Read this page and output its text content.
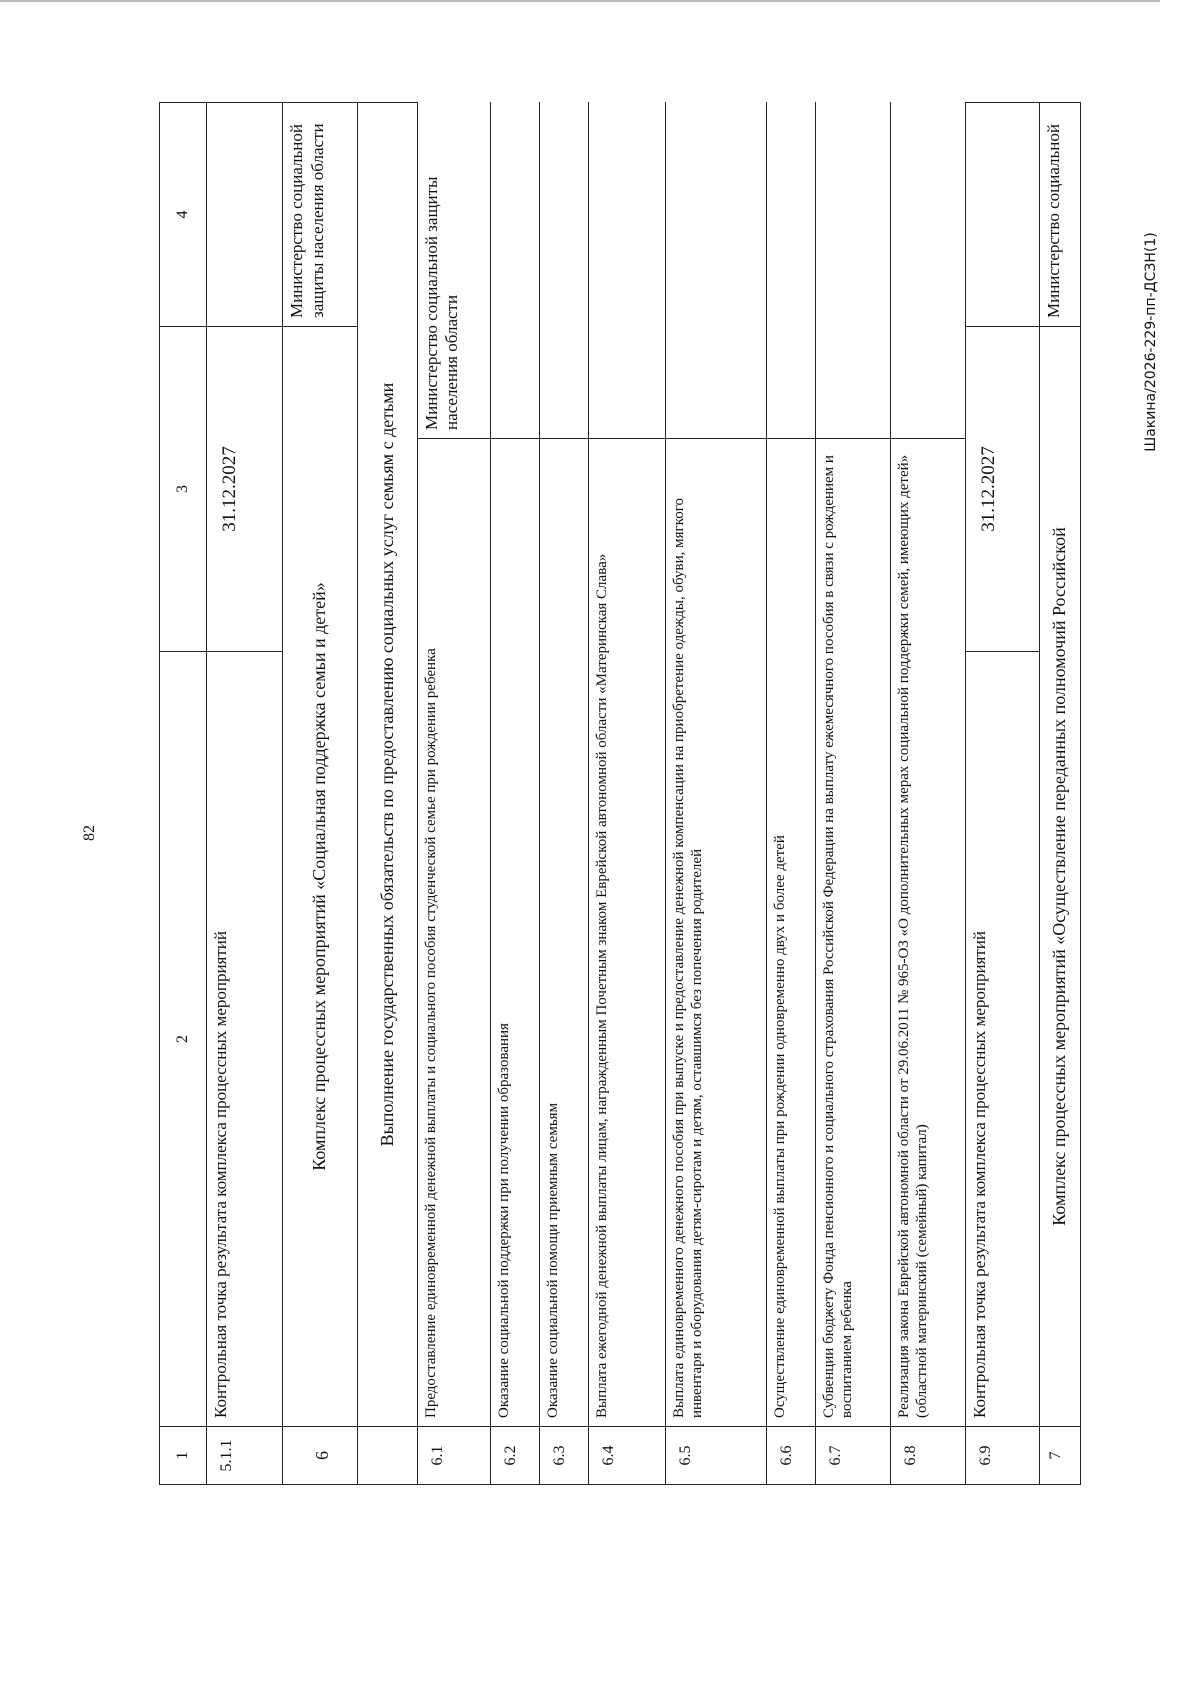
82
Шакина/2026-229-пп-ДСЗН(1)
1	2	3		4
5.1.1	Контрольная точка результата комплекса процессных мероприятий	31.12.2027		
6	Комплекс процессных мероприятий «Социальная поддержка семьи и детей»			Министерство социальной защиты населения области
	Выполнение государственных обязательств по предоставлению социальных услуг семьям с детьми			
6.1	Предоставление единовременной денежной выплаты и социального пособия студенческой семье при рождении ребенка		Министерство социальной защиты населения области	
6.2	Оказание социальной поддержки при получении образования			
6.3	Оказание социальной помощи приемным семьям			
6.4	Выплата ежегодной денежной выплаты лицам, награжденным Почетным знаком Еврейской автономной области «Материнская Слава»			
6.5	Выплата единовременного денежного пособия при выпуске и предоставление денежной компенсации на приобретение одежды, обуви, мягкого инвентаря и оборудования детям-сиротам и детям, оставшимся без попечения родителей			
6.6	Осуществление единовременной выплаты при рождении одновременно двух и более детей			
6.7	Субвенции бюджету Фонда пенсионного и социального страхования Российской Федерации на выплату ежемесячного пособия в связи с рождением и воспитанием ребенка			
6.8	Реализация закона Еврейской автономной области от 29.06.2011 № 965-ОЗ «О дополнительных мерах социальной поддержки семей, имеющих детей» (областной материнский (семейный) капитал)			
6.9	Контрольная точка результата комплекса процессных мероприятий	31.12.2027		
7	Комплекс процессных мероприятий «Осуществление переданных полномочий Российской			Министерство социальной
